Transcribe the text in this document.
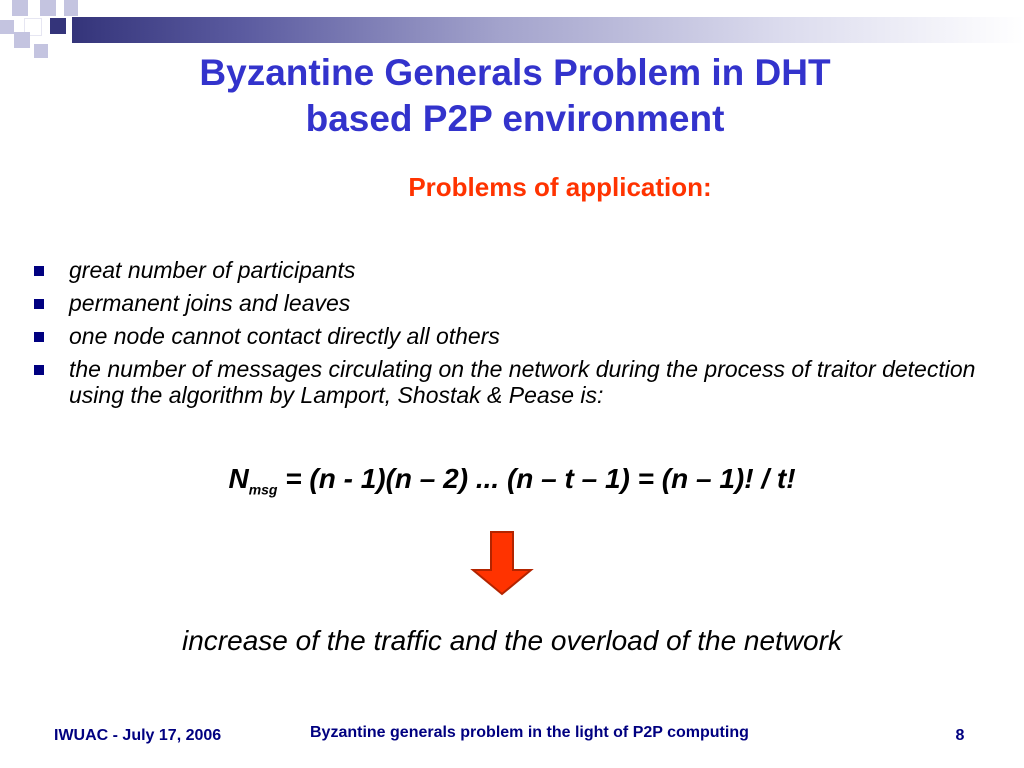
Byzantine Generals Problem in DHT
based P2P environment
Problems of application:
great number of participants
permanent joins and leaves
one node cannot contact directly all others
the number of messages circulating on the network during the process of traitor detection using the algorithm by Lamport, Shostak & Pease is:
$N_{msg} = (n - 1)(n - 2)$ ... (n – t – 1) = (n – 1)! / t!
increase of the traffic and the overload of the network
IWUAC - July 17, 2006	Byzantine generals problem in the light of P2P computing	8
